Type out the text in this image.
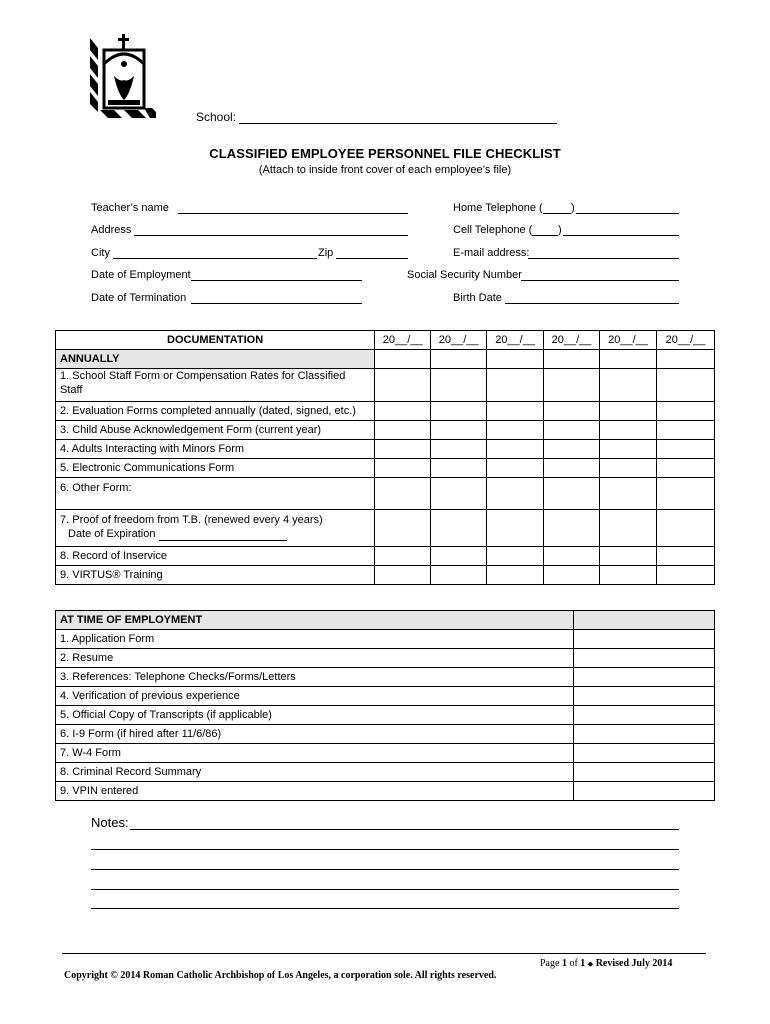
School:
CLASSIFIED EMPLOYEE PERSONNEL FILE CHECKLIST
(Attach to inside front cover of each employee’s file)
Teacher’s name
Address
City	Zip
Date of Employment
Date of Termination
Home Telephone (	)
Cell Telephone ( )
E-mail address:
Social Security Number
Birth Date
DOCUMENTATION	20__/__	20__/__	20__/__	20__/__	20__/__	20__/__
ANNUALLY						

1. School Staff Form or Compensation Rates for Classified
Staff						

2. Evaluation Forms completed annually (dated, signed, etc.)						
3. Child Abuse Acknowledgement Form (current year)						
4. Adults Interacting with Minors Form						
5. Electronic Communications Form						
6. Other Form:						

7. Proof of freedom from T.B. (renewed every 4 years)
Date of Expiration						

8. Record of Inservice						
9. VIRTUS® Training						
AT TIME OF EMPLOYMENT	
1. Application Form	
2. Resume	
3. References: Telephone Checks/Forms/Letters	
4. Verification of previous experience	
5. Official Copy of Transcripts (if applicable)	
6. I-9 Form (if hired after 11/6/86)	
7. W-4 Form	
8. Criminal Record Summary	
9. VPIN entered	
Notes:
Page 1 of 1 ◆ Revised July 2014
Copyright © 2014 Roman Catholic Archbishop of Los Angeles, a corporation sole. All rights reserved.
